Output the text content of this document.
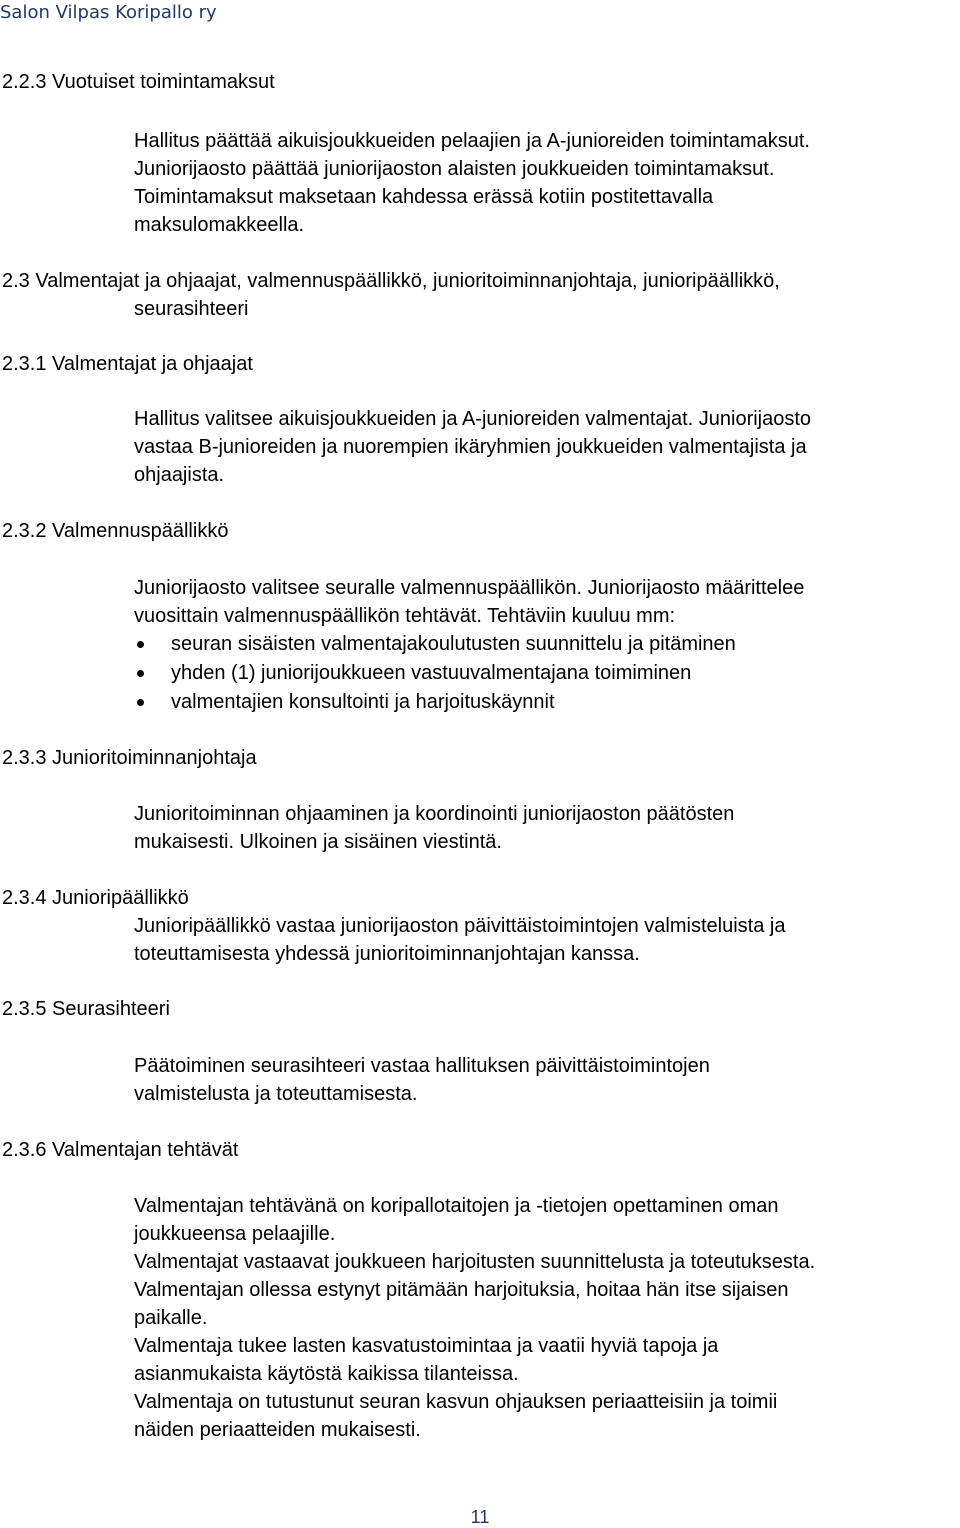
Salon Vilpas Koripallo ry
2.2.3 Vuotuiset toimintamaksut
Hallitus päättää aikuisjoukkueiden pelaajien ja A-junioreiden toimintamaksut.
Juniorijaosto päättää juniorijaoston alaisten joukkueiden toimintamaksut.
Toimintamaksut maksetaan kahdessa erässä kotiin postitettavalla
maksulomakkeella.
2.3 Valmentajat ja ohjaajat, valmennuspäällikkö, junioritoiminnanjohtaja, junioripäällikkö,
seurasihteeri
2.3.1 Valmentajat ja ohjaajat
Hallitus valitsee aikuisjoukkueiden ja A-junioreiden valmentajat. Juniorijaosto
vastaa B-junioreiden ja nuorempien ikäryhmien joukkueiden valmentajista ja
ohjaajista.
2.3.2 Valmennuspäällikkö
Juniorijaosto valitsee seuralle valmennuspäällikön. Juniorijaosto määrittelee
vuosittain valmennuspäällikön tehtävät. Tehtäviin kuuluu mm:
seuran sisäisten valmentajakoulutusten suunnittelu ja pitäminen
yhden (1) juniorijoukkueen vastuuvalmentajana toimiminen
valmentajien konsultointi ja harjoituskäynnit
2.3.3 Junioritoiminnanjohtaja
Junioritoiminnan ohjaaminen ja koordinointi juniorijaoston päätösten
mukaisesti. Ulkoinen ja sisäinen viestintä.
2.3.4 Junioripäällikkö
Junioripäällikkö vastaa juniorijaoston päivittäistoimintojen valmisteluista ja
toteuttamisesta yhdessä junioritoiminnanjohtajan kanssa.
2.3.5 Seurasihteeri
Päätoiminen seurasihteeri vastaa hallituksen päivittäistoimintojen
valmistelusta ja toteuttamisesta.
2.3.6 Valmentajan tehtävät
Valmentajan tehtävänä on koripallotaitojen ja -tietojen opettaminen oman
joukkueensa pelaajille.
Valmentajat vastaavat joukkueen harjoitusten suunnittelusta ja toteutuksesta.
Valmentajan ollessa estynyt pitämään harjoituksia, hoitaa hän itse sijaisen
paikalle.
Valmentaja tukee lasten kasvatustoimintaa ja vaatii hyviä tapoja ja
asianmukaista käytöstä kaikissa tilanteissa.
Valmentaja on tutustunut seuran kasvun ohjauksen periaatteisiin ja toimii
näiden periaatteiden mukaisesti.
11
